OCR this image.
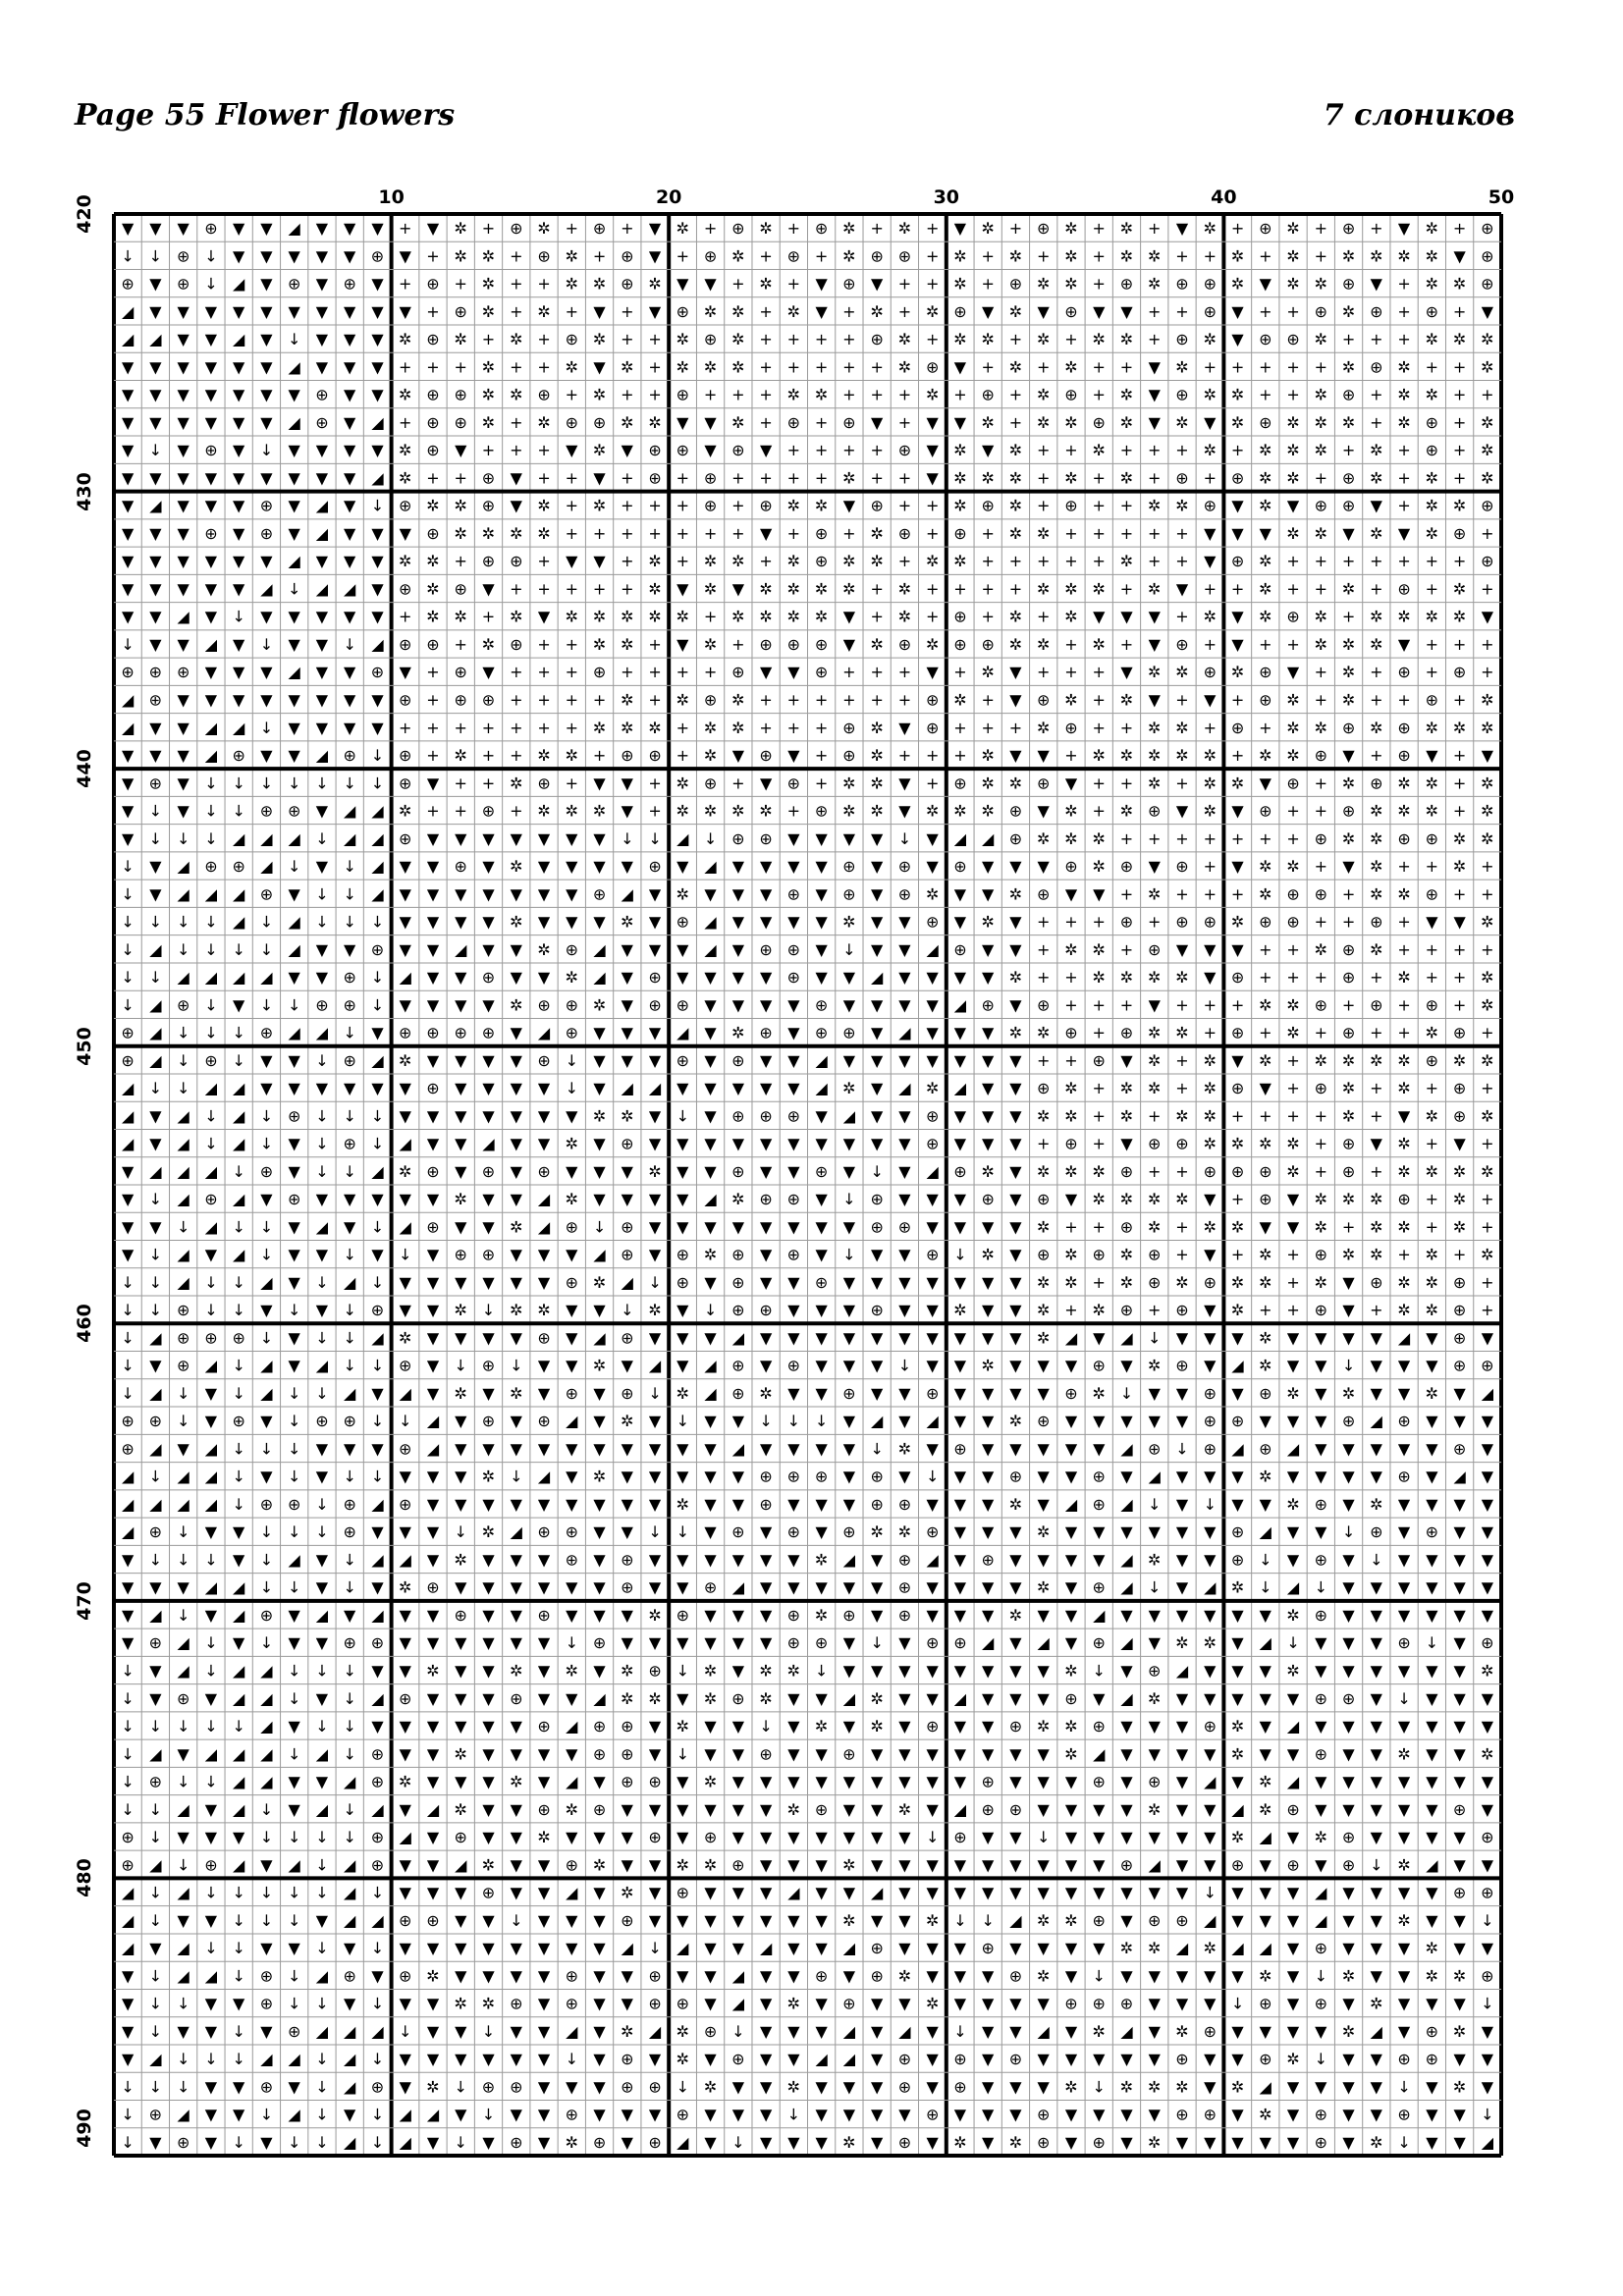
Page 55 Flower flowers	7 слоников
10	20	30	40	50
420
430
440
450
460
470
480
490
▼ ▼ ▼ ⊕ ▼ ▼ ◢ ▼ ▼ ▼ + ▼ ✲ + ⊕ ✲ + ⊕ + ▼ ✲ + ⊕ ✲ + ⊕ ✲ + ✲ + ▼ ✲ + ⊕ ✲ + ✲ + ▼ ✲ + ⊕ ✲ + ⊕ + ▼ ✲ + ⊕
↓ ↓ ⊕ ↓ ▼ ▼ ▼ ▼ ▼ ⊕ ▼ + ✲ ✲ + ⊕ ✲ + ⊕ ▼ + ⊕ ✲ + ⊕ + ✲ ⊕ ⊕ + ✲ + ✲ + ✲ + ✲ ✲ + + ✲ + ✲ + ✲ ✲ ✲ ✲ ▼ ⊕
⊕ ▼ ⊕ ↓ ◢ ▼ ⊕ ▼ ⊕ ▼ + ⊕ + ✲ + + ✲ ✲ ⊕ ✲ ▼ ▼ + ✲ + ▼ ⊕ ▼ + + ✲ + ⊕ ✲ ✲ + ⊕ ✲ ⊕ ⊕ ✲ ▼ ✲ ✲ ⊕ ▼ + ✲ ✲ ⊕
◢ ▼ ▼ ▼ ▼ ▼ ▼ ▼ ▼ ▼ ▼ + ⊕ ✲ + ✲ + ▼ + ▼ ⊕ ✲ ✲ + ✲ ▼ + ✲ + ✲ ⊕ ▼ ✲ ▼ ⊕ ▼ ▼ + + ⊕ ▼ + + ⊕ ✲ ⊕ + ⊕ + ▼
◢ ◢ ▼ ▼ ◢ ▼ ↓ ▼ ▼ ▼ ✲ ⊕ ✲ + ✲ + ⊕ ✲ + + ✲ ⊕ ✲ + + + + ⊕ ✲ + ✲ ✲ + ✲ + ✲ ✲ + ⊕ ✲ ▼ ⊕ ⊕ ✲ + + + ✲ ✲ ✲
▼ ▼ ▼ ▼ ▼ ▼ ◢ ▼ ▼ ▼ + + + ✲ + + ✲ ▼ ✲ + ✲ ✲ ✲ + + + + + ✲ ⊕ ▼ + ✲ + ✲ + + ▼ ✲ + + + + + ✲ ⊕ ✲ + + ✲
▼ ▼ ▼ ▼ ▼ ▼ ▼ ⊕ ▼ ▼ ✲ ⊕ ⊕ ✲ ✲ ⊕ + ✲ + + ⊕ + + + ✲ ✲ + + + ✲ + ⊕ + ✲ ⊕ + ✲ ▼ ⊕ ✲ ✲ + + ✲ ⊕ + ✲ ✲ + +
▼ ▼ ▼ ▼ ▼ ▼ ◢ ⊕ ▼ ◢ + ⊕ ⊕ ✲ + ✲ ⊕ ⊕ ✲ ✲ ▼ ▼ ✲ + ⊕ + ⊕ ▼ + ▼ ▼ ✲ + ✲ ✲ ⊕ ✲ ▼ ✲ ▼ ✲ ⊕ ✲ ✲ ✲ + ✲ ⊕ + ✲
▼ ↓ ▼ ⊕ ▼ ↓ ▼ ▼ ▼ ▼ ✲ ⊕ ▼ + + + ▼ ✲ ▼ ⊕ ⊕ ▼ ⊕ ▼ + + + + ⊕ ▼ ✲ ▼ ✲ + + ✲ + + + ✲ + ✲ ✲ ✲ + ✲ + ⊕ + ✲
▼ ▼ ▼ ▼ ▼ ▼ ▼ ▼ ▼ ◢ ✲ + + ⊕ ▼ + + ▼ + ⊕ + ⊕ + + + + ✲ + + ▼ ✲ ✲ ✲ + ✲ + ✲ + ⊕ + ⊕ ✲ ✲ + ⊕ ✲ + ✲ + ✲
▼ ◢ ▼ ▼ ▼ ⊕ ▼ ◢ ▼ ↓ ⊕ ✲ ✲ ⊕ ▼ ✲ + ✲ + + + ⊕ + ⊕ ✲ ✲ ▼ ⊕ + + ✲ ⊕ ✲ + ⊕ + + ✲ ✲ ⊕ ▼ ✲ ▼ ⊕ ⊕ ▼ + ✲ ✲ ⊕
▼ ▼ ▼ ⊕ ▼ ⊕ ▼ ◢ ▼ ▼ ▼ ⊕ ✲ ✲ ✲ ✲ + + + + + + + ▼ + ⊕ + ✲ ⊕ + ⊕ + ✲ ✲ + + + + + ▼ ▼ ▼ ✲ ✲ ▼ ✲ ▼ ✲ ⊕ +
▼ ▼ ▼ ▼ ▼ ▼ ◢ ▼ ▼ ▼ ✲ ✲ + ⊕ ⊕ + ▼ ▼ + ✲ + ✲ ✲ + ✲ ⊕ ✲ ✲ + ✲ ✲ + + + + + ✲ + + ▼ ⊕ ✲ + + + + + + + ⊕
▼ ▼ ▼ ▼ ▼ ◢ ↓ ◢ ◢ ▼ ⊕ ✲ ⊕ ▼ + + + + + ✲ ▼ ✲ ▼ ✲ ✲ ✲ ✲ + ✲ + + + + ✲ ✲ ✲ + ✲ ▼ + + ✲ + + ✲ + ⊕ + ✲ +
▼ ▼ ◢ ▼ ↓ ▼ ▼ ▼ ▼ ▼ + ✲ ✲ + ✲ ▼ ✲ ✲ ✲ ✲ ✲ + ✲ ✲ ✲ ✲ ▼ + ✲ + ⊕ + ✲ + ✲ ▼ ▼ ▼ + ✲ ▼ ✲ ⊕ ✲ + ✲ ✲ ✲ ✲ ▼
↓ ▼ ▼ ◢ ▼ ↓ ▼ ▼ ↓ ◢ ⊕ ⊕ + ✲ ⊕ + + ✲ ✲ + ▼ ✲ + ⊕ ⊕ ⊕ ▼ ✲ ⊕ ✲ ⊕ ⊕ ✲ ✲ + ✲ + ▼ ⊕ + ▼ + + ✲ ✲ ✲ ▼ + + +
⊕ ⊕ ⊕ ▼ ▼ ▼ ◢ ▼ ▼ ⊕ ▼ + ⊕ ▼ + + + ⊕ + + + + ⊕ ▼ ▼ ⊕ + + + ▼ + ✲ ▼ + + + ▼ ✲ ✲ ⊕ ✲ ⊕ ▼ + ✲ + ⊕ + ⊕ +
◢ ⊕ ▼ ▼ ▼ ▼ ▼ ▼ ▼ ▼ ⊕ + ⊕ ⊕ + + + + ✲ + ✲ ⊕ ✲ + + + + + + ⊕ ✲ + ▼ ⊕ ✲ + ✲ ▼ + ▼ + ⊕ ✲ + ✲ + + ⊕ + ✲
◢ ▼ ▼ ◢ ◢ ↓ ▼ ▼ ▼ ▼ + + + + + + + ✲ ✲ ✲ + ✲ ✲ + + + ⊕ ✲ ▼ ⊕ + + + ✲ ⊕ + + ✲ ✲ + ⊕ + ✲ ✲ ⊕ ✲ ⊕ ✲ ✲ ✲
▼ ▼ ▼ ◢ ⊕ ▼ ▼ ◢ ⊕ ↓ ⊕ + ✲ + + ✲ ✲ + ⊕ ⊕ + ✲ ▼ ⊕ ▼ + ⊕ ✲ + + + ✲ ▼ ▼ + ✲ ✲ ✲ ✲ ✲ + ✲ ✲ ⊕ ▼ + ⊕ ▼ + ▼
▼ ⊕ ▼ ↓ ↓ ↓ ↓ ↓ ↓ ↓ ⊕ ▼ + + ✲ ⊕ + ▼ ▼ + ✲ ⊕ + ▼ ⊕ + ✲ ✲ ▼ + ⊕ ✲ ✲ ⊕ ▼ + + ✲ + ✲ ✲ ▼ ⊕ + ✲ ⊕ ✲ ✲ + ✲
▼ ↓ ▼ ↓ ↓ ⊕ ⊕ ▼ ◢ ◢ ✲ + + ⊕ + ✲ ✲ ✲ ▼ + ✲ ✲ ✲ ✲ + ⊕ ✲ ✲ ▼ ✲ ✲ ✲ ⊕ ▼ ✲ + ✲ ⊕ ▼ ✲ ▼ ⊕ + + ⊕ ✲ ✲ ✲ + ✲
▼ ↓ ↓ ↓ ◢ ◢ ◢ ↓ ◢ ◢ ⊕ ▼ ▼ ▼ ▼ ▼ ▼ ▼ ↓ ↓ ◢ ↓ ⊕ ⊕ ▼ ▼ ▼ ▼ ↓ ▼ ◢ ◢ ⊕ ✲ ✲ ✲ + + + + + + + ⊕ ✲ ✲ ⊕ ⊕ ✲ ✲
↓ ▼ ◢ ⊕ ⊕ ◢ ↓ ▼ ↓ ◢ ▼ ▼ ⊕ ▼ ✲ ▼ ▼ ▼ ▼ ⊕ ▼ ◢ ▼ ▼ ▼ ▼ ⊕ ▼ ⊕ ▼ ⊕ ▼ ▼ ▼ ⊕ ✲ ⊕ ▼ ⊕ + ▼ ✲ ✲ + ▼ ✲ + + ✲ +
↓ ▼ ◢ ◢ ◢ ⊕ ▼ ↓ ↓ ◢ ▼ ▼ ▼ ▼ ▼ ▼ ▼ ⊕ ◢ ▼ ✲ ▼ ▼ ▼ ⊕ ▼ ⊕ ▼ ⊕ ✲ ▼ ▼ ✲ ⊕ ▼ ▼ + ✲ + + + ✲ ⊕ ⊕ + ✲ ✲ ⊕ + +
↓ ↓ ↓ ↓ ◢ ↓ ◢ ↓ ↓ ↓ ▼ ▼ ▼ ▼ ✲ ▼ ▼ ▼ ✲ ▼ ⊕ ◢ ▼ ▼ ▼ ▼ ✲ ▼ ▼ ⊕ ▼ ✲ ▼ + + + ⊕ + ⊕ ⊕ ✲ ⊕ ⊕ + + ⊕ + ▼ ▼ ✲
↓ ◢ ↓ ↓ ↓ ↓ ◢ ▼ ▼ ⊕ ▼ ▼ ◢ ▼ ▼ ✲ ⊕ ◢ ▼ ▼ ▼ ◢ ▼ ⊕ ⊕ ▼ ↓ ▼ ▼ ◢ ⊕ ▼ ▼ + ✲ ✲ + ⊕ ▼ ▼ ▼ + + ✲ ⊕ ✲ + + + +
↓ ↓ ◢ ◢ ◢ ◢ ▼ ▼ ⊕ ↓ ◢ ▼ ▼ ⊕ ▼ ▼ ✲ ◢ ▼ ⊕ ▼ ▼ ▼ ▼ ⊕ ▼ ▼ ◢ ▼ ▼ ▼ ▼ ✲ + + ✲ ✲ ✲ ✲ ▼ ⊕ + + + ⊕ + ✲ + + ✲
↓ ◢ ⊕ ↓ ▼ ↓ ↓ ⊕ ⊕ ↓ ▼ ▼ ▼ ▼ ✲ ⊕ ⊕ ✲ ▼ ⊕ ⊕ ▼ ▼ ▼ ▼ ⊕ ▼ ▼ ▼ ▼ ◢ ⊕ ▼ ⊕ + + + ▼ + + + ✲ ✲ ⊕ + ⊕ + ⊕ + ✲
⊕ ◢ ↓ ↓ ↓ ⊕ ◢ ◢ ↓ ▼ ⊕ ⊕ ⊕ ⊕ ▼ ◢ ⊕ ▼ ▼ ▼ ◢ ▼ ✲ ⊕ ▼ ⊕ ⊕ ▼ ◢ ▼ ▼ ▼ ✲ ✲ ⊕ + ⊕ ✲ ✲ + ⊕ + ✲ + ⊕ + + ✲ ⊕ +
⊕ ◢ ↓ ⊕ ↓ ▼ ▼ ↓ ⊕ ◢ ✲ ▼ ▼ ▼ ▼ ⊕ ↓ ▼ ▼ ▼ ⊕ ▼ ⊕ ▼ ▼ ◢ ▼ ▼ ▼ ▼ ▼ ▼ ▼ + + ⊕ ▼ ✲ + ✲ ▼ ✲ + ✲ ✲ ✲ ✲ ⊕ ✲ ✲
◢ ↓ ↓ ◢ ◢ ▼ ▼ ▼ ▼ ▼ ▼ ⊕ ▼ ▼ ▼ ▼ ↓ ▼ ◢ ◢ ▼ ▼ ▼ ▼ ▼ ◢ ✲ ▼ ◢ ✲ ◢ ▼ ▼ ⊕ ✲ + ✲ ✲ + ✲ ⊕ ▼ + ⊕ ✲ + ✲ + ⊕ +
◢ ▼ ◢ ↓ ◢ ↓ ⊕ ↓ ↓ ↓ ▼ ▼ ▼ ▼ ▼ ▼ ▼ ✲ ✲ ▼ ↓ ▼ ⊕ ⊕ ⊕ ▼ ◢ ▼ ▼ ⊕ ▼ ▼ ▼ ✲ ✲ + ✲ + ✲ ✲ + + + + ✲ + ▼ ✲ ⊕ ✲
◢ ▼ ◢ ↓ ◢ ↓ ▼ ↓ ⊕ ↓ ◢ ▼ ▼ ◢ ▼ ▼ ✲ ▼ ⊕ ▼ ▼ ▼ ▼ ▼ ▼ ▼ ▼ ▼ ▼ ⊕ ▼ ▼ ▼ + ⊕ + ▼ ⊕ ⊕ ✲ ✲ ✲ ✲ + ⊕ ▼ ✲ + ▼ +
▼ ◢ ◢ ◢ ↓ ⊕ ▼ ↓ ↓ ◢ ✲ ⊕ ▼ ⊕ ▼ ⊕ ▼ ▼ ▼ ✲ ▼ ▼ ⊕ ▼ ▼ ⊕ ▼ ↓ ▼ ◢ ⊕ ✲ ▼ ✲ ✲ ✲ ⊕ + + ⊕ ⊕ ⊕ ✲ + ⊕ + ✲ ✲ ✲ ✲
▼ ↓ ◢ ⊕ ◢ ▼ ⊕ ▼ ▼ ▼ ▼ ▼ ✲ ▼ ▼ ◢ ✲ ▼ ▼ ▼ ▼ ◢ ✲ ⊕ ⊕ ▼ ↓ ⊕ ▼ ▼ ▼ ⊕ ▼ ⊕ ▼ ✲ ✲ ✲ ✲ ▼ + ⊕ ▼ ✲ ✲ ✲ ⊕ + ✲ +
▼ ▼ ↓ ◢ ↓ ↓ ▼ ◢ ▼ ↓ ◢ ⊕ ▼ ▼ ✲ ◢ ⊕ ↓ ⊕ ▼ ▼ ▼ ▼ ▼ ▼ ▼ ▼ ⊕ ⊕ ▼ ▼ ▼ ▼ ✲ + + ⊕ ✲ + ✲ ✲ ▼ ▼ ✲ + ✲ ✲ + ✲ +
▼ ↓ ◢ ▼ ◢ ↓ ▼ ▼ ↓ ▼ ↓ ▼ ⊕ ⊕ ▼ ▼ ▼ ◢ ⊕ ▼ ⊕ ✲ ⊕ ▼ ⊕ ▼ ↓ ▼ ▼ ⊕ ↓ ✲ ▼ ⊕ ✲ ⊕ ✲ ⊕ + ▼ + ✲ + ⊕ ✲ ✲ + ✲ + ✲
↓ ↓ ◢ ↓ ↓ ◢ ▼ ↓ ◢ ↓ ▼ ▼ ▼ ▼ ▼ ▼ ⊕ ✲ ◢ ↓ ⊕ ▼ ⊕ ▼ ▼ ⊕ ▼ ▼ ▼ ▼ ▼ ▼ ▼ ✲ ✲ + ✲ ⊕ ✲ ⊕ ✲ ✲ + ✲ ▼ ⊕ ✲ ✲ ⊕ +
↓ ↓ ⊕ ↓ ↓ ▼ ↓ ▼ ↓ ⊕ ▼ ▼ ✲ ↓ ✲ ✲ ▼ ▼ ↓ ✲ ▼ ↓ ⊕ ⊕ ▼ ▼ ▼ ⊕ ▼ ▼ ✲ ▼ ▼ ✲ + ✲ ⊕ + ⊕ ▼ ✲ + + ⊕ ▼ + ✲ ✲ ⊕ +
↓ ◢ ⊕ ⊕ ⊕ ↓ ▼ ↓ ↓ ◢ ✲ ▼ ▼ ▼ ▼ ⊕ ▼ ◢ ⊕ ▼ ▼ ▼ ◢ ▼ ▼ ▼ ▼ ▼ ▼ ▼ ▼ ▼ ▼ ✲ ◢ ▼ ◢ ↓ ▼ ▼ ▼ ✲ ▼ ▼ ▼ ▼ ◢ ▼ ⊕ ▼
↓ ▼ ⊕ ◢ ↓ ◢ ▼ ◢ ↓ ↓ ⊕ ▼ ↓ ⊕ ↓ ▼ ▼ ✲ ▼ ◢ ▼ ◢ ⊕ ▼ ⊕ ▼ ▼ ▼ ↓ ▼ ▼ ✲ ▼ ▼ ▼ ⊕ ▼ ✲ ⊕ ▼ ◢ ✲ ▼ ▼ ↓ ▼ ▼ ▼ ⊕ ⊕
↓ ◢ ↓ ▼ ↓ ◢ ↓ ↓ ◢ ▼ ◢ ▼ ✲ ▼ ✲ ▼ ⊕ ▼ ⊕ ↓ ✲ ◢ ⊕ ✲ ▼ ▼ ⊕ ▼ ▼ ⊕ ▼ ▼ ▼ ▼ ⊕ ✲ ↓ ▼ ▼ ⊕ ▼ ⊕ ✲ ▼ ✲ ▼ ▼ ✲ ▼ ◢
⊕ ⊕ ↓ ▼ ⊕ ▼ ↓ ⊕ ⊕ ↓ ↓ ◢ ▼ ⊕ ▼ ⊕ ◢ ▼ ✲ ▼ ↓ ▼ ▼ ↓ ↓ ↓ ▼ ◢ ▼ ◢ ▼ ▼ ✲ ⊕ ▼ ▼ ▼ ▼ ▼ ⊕ ⊕ ▼ ▼ ▼ ⊕ ◢ ⊕ ▼ ▼ ▼
⊕ ◢ ▼ ◢ ↓ ↓ ↓ ▼ ▼ ▼ ⊕ ◢ ▼ ▼ ▼ ▼ ▼ ▼ ▼ ▼ ▼ ▼ ◢ ▼ ▼ ▼ ▼ ↓ ✲ ▼ ⊕ ▼ ▼ ▼ ▼ ▼ ◢ ⊕ ↓ ⊕ ◢ ⊕ ◢ ▼ ▼ ▼ ▼ ▼ ⊕ ▼
◢ ↓ ◢ ◢ ↓ ▼ ↓ ▼ ↓ ↓ ▼ ▼ ▼ ✲ ↓ ◢ ▼ ✲ ▼ ▼ ▼ ▼ ▼ ⊕ ⊕ ⊕ ▼ ⊕ ▼ ↓ ▼ ▼ ⊕ ▼ ▼ ⊕ ▼ ◢ ▼ ▼ ▼ ✲ ▼ ▼ ▼ ▼ ⊕ ▼ ◢ ▼
◢ ◢ ◢ ◢ ↓ ⊕ ⊕ ↓ ⊕ ◢ ⊕ ▼ ▼ ▼ ▼ ▼ ▼ ▼ ▼ ▼ ✲ ▼ ▼ ⊕ ▼ ▼ ▼ ⊕ ⊕ ▼ ▼ ▼ ✲ ▼ ◢ ⊕ ◢ ↓ ▼ ↓ ▼ ▼ ✲ ⊕ ▼ ✲ ▼ ▼ ▼ ▼
◢ ⊕ ↓ ▼ ▼ ↓ ↓ ↓ ⊕ ▼ ▼ ▼ ↓ ✲ ◢ ⊕ ⊕ ▼ ▼ ↓ ↓ ▼ ⊕ ▼ ⊕ ▼ ⊕ ✲ ✲ ⊕ ▼ ▼ ▼ ✲ ▼ ▼ ▼ ▼ ▼ ▼ ⊕ ◢ ▼ ▼ ↓ ⊕ ▼ ⊕ ▼ ▼
▼ ↓ ↓ ↓ ▼ ↓ ◢ ▼ ↓ ◢ ◢ ▼ ✲ ▼ ▼ ▼ ⊕ ▼ ⊕ ▼ ▼ ▼ ▼ ▼ ▼ ✲ ◢ ▼ ⊕ ◢ ▼ ⊕ ▼ ▼ ▼ ▼ ◢ ✲ ▼ ▼ ⊕ ↓ ▼ ⊕ ▼ ↓ ▼ ▼ ▼ ▼
▼ ▼ ▼ ◢ ◢ ↓ ↓ ▼ ↓ ▼ ✲ ⊕ ▼ ▼ ▼ ▼ ▼ ▼ ⊕ ▼ ▼ ⊕ ◢ ▼ ▼ ▼ ▼ ▼ ⊕ ▼ ▼ ▼ ▼ ✲ ▼ ⊕ ◢ ↓ ▼ ◢ ✲ ↓ ◢ ↓ ▼ ▼ ▼ ▼ ▼ ▼
▼ ◢ ↓ ▼ ◢ ⊕ ▼ ◢ ▼ ◢ ▼ ▼ ⊕ ▼ ▼ ⊕ ▼ ▼ ▼ ✲ ⊕ ▼ ▼ ▼ ⊕ ✲ ⊕ ▼ ⊕ ▼ ▼ ▼ ✲ ▼ ▼ ◢ ▼ ▼ ▼ ▼ ▼ ▼ ✲ ⊕ ▼ ▼ ▼ ▼ ▼ ▼
▼ ⊕ ◢ ↓ ▼ ↓ ▼ ▼ ⊕ ⊕ ▼ ▼ ▼ ▼ ▼ ▼ ↓ ⊕ ▼ ▼ ▼ ▼ ▼ ▼ ⊕ ⊕ ▼ ↓ ▼ ⊕ ⊕ ◢ ▼ ◢ ▼ ⊕ ◢ ▼ ✲ ✲ ▼ ◢ ↓ ▼ ▼ ▼ ⊕ ↓ ▼ ⊕
↓ ▼ ◢ ↓ ◢ ◢ ↓ ↓ ↓ ▼ ▼ ✲ ▼ ▼ ✲ ▼ ✲ ▼ ✲ ⊕ ↓ ✲ ▼ ✲ ✲ ↓ ▼ ▼ ▼ ▼ ▼ ▼ ▼ ▼ ✲ ↓ ▼ ⊕ ◢ ▼ ▼ ▼ ✲ ▼ ▼ ▼ ▼ ▼ ▼ ✲
↓ ▼ ⊕ ▼ ◢ ◢ ↓ ▼ ↓ ◢ ⊕ ▼ ▼ ▼ ⊕ ▼ ▼ ◢ ✲ ✲ ▼ ✲ ⊕ ✲ ▼ ▼ ◢ ✲ ▼ ▼ ◢ ▼ ▼ ▼ ⊕ ▼ ◢ ✲ ▼ ▼ ▼ ▼ ▼ ⊕ ⊕ ▼ ↓ ▼ ▼ ▼
↓ ↓ ↓ ↓ ↓ ◢ ▼ ↓ ↓ ▼ ▼ ▼ ▼ ▼ ▼ ⊕ ◢ ⊕ ⊕ ▼ ✲ ▼ ▼ ↓ ▼ ✲ ▼ ✲ ▼ ⊕ ▼ ▼ ⊕ ✲ ✲ ⊕ ▼ ▼ ▼ ⊕ ✲ ▼ ◢ ▼ ▼ ▼ ▼ ▼ ▼ ▼
↓ ◢ ▼ ◢ ◢ ◢ ↓ ◢ ↓ ⊕ ▼ ▼ ✲ ▼ ▼ ▼ ▼ ⊕ ⊕ ▼ ↓ ▼ ▼ ⊕ ▼ ▼ ⊕ ▼ ▼ ▼ ▼ ▼ ▼ ▼ ✲ ◢ ▼ ▼ ▼ ▼ ✲ ▼ ▼ ⊕ ▼ ▼ ✲ ▼ ▼ ✲
↓ ⊕ ↓ ↓ ◢ ◢ ▼ ▼ ◢ ⊕ ✲ ▼ ▼ ▼ ✲ ▼ ◢ ▼ ⊕ ⊕ ▼ ✲ ▼ ▼ ▼ ▼ ▼ ▼ ▼ ▼ ▼ ⊕ ▼ ▼ ▼ ⊕ ▼ ⊕ ▼ ◢ ▼ ✲ ◢ ▼ ▼ ▼ ▼ ▼ ▼ ▼
↓ ↓ ◢ ▼ ◢ ↓ ▼ ◢ ↓ ◢ ▼ ◢ ✲ ▼ ▼ ⊕ ✲ ⊕ ▼ ▼ ▼ ▼ ▼ ▼ ✲ ⊕ ▼ ▼ ✲ ▼ ◢ ⊕ ⊕ ▼ ▼ ▼ ▼ ✲ ▼ ▼ ◢ ✲ ⊕ ▼ ▼ ▼ ▼ ▼ ⊕ ▼
⊕ ↓ ▼ ▼ ▼ ↓ ↓ ↓ ↓ ⊕ ◢ ▼ ⊕ ▼ ▼ ✲ ▼ ▼ ▼ ⊕ ▼ ⊕ ▼ ▼ ▼ ▼ ▼ ▼ ▼ ↓ ⊕ ▼ ▼ ↓ ▼ ▼ ▼ ▼ ▼ ▼ ✲ ◢ ▼ ✲ ⊕ ▼ ▼ ▼ ▼ ⊕
⊕ ◢ ↓ ⊕ ◢ ▼ ◢ ↓ ◢ ⊕ ▼ ▼ ◢ ✲ ▼ ▼ ⊕ ✲ ▼ ▼ ✲ ✲ ⊕ ▼ ▼ ▼ ✲ ▼ ▼ ▼ ▼ ▼ ▼ ▼ ▼ ▼ ⊕ ◢ ▼ ▼ ⊕ ▼ ⊕ ▼ ⊕ ↓ ✲ ◢ ▼ ▼
◢ ↓ ◢ ↓ ↓ ↓ ↓ ↓ ◢ ↓ ▼ ▼ ▼ ⊕ ▼ ▼ ◢ ▼ ✲ ▼ ⊕ ▼ ▼ ▼ ◢ ▼ ▼ ◢ ▼ ▼ ▼ ▼ ▼ ▼ ▼ ▼ ▼ ▼ ▼ ↓ ▼ ▼ ▼ ◢ ▼ ▼ ▼ ▼ ⊕ ⊕
◢ ↓ ▼ ▼ ↓ ↓ ↓ ▼ ◢ ◢ ⊕ ⊕ ▼ ▼ ↓ ▼ ▼ ▼ ⊕ ▼ ▼ ▼ ▼ ▼ ▼ ▼ ✲ ▼ ▼ ✲ ↓ ↓ ◢ ✲ ✲ ⊕ ▼ ⊕ ⊕ ◢ ▼ ▼ ▼ ◢ ▼ ▼ ✲ ▼ ▼ ↓
◢ ▼ ◢ ↓ ↓ ▼ ▼ ↓ ▼ ↓ ▼ ▼ ▼ ▼ ▼ ▼ ▼ ▼ ◢ ↓ ◢ ▼ ▼ ◢ ▼ ▼ ◢ ⊕ ▼ ▼ ▼ ⊕ ▼ ▼ ▼ ▼ ✲ ✲ ◢ ✲ ◢ ◢ ▼ ⊕ ▼ ▼ ▼ ✲ ▼ ▼
▼ ↓ ◢ ◢ ↓ ⊕ ↓ ◢ ⊕ ▼ ⊕ ✲ ▼ ▼ ▼ ▼ ⊕ ▼ ▼ ⊕ ▼ ▼ ◢ ▼ ▼ ⊕ ▼ ⊕ ✲ ▼ ▼ ▼ ⊕ ✲ ▼ ↓ ▼ ▼ ▼ ▼ ▼ ✲ ▼ ↓ ✲ ▼ ▼ ✲ ✲ ⊕
▼ ↓ ↓ ▼ ▼ ⊕ ↓ ↓ ▼ ↓ ▼ ▼ ✲ ✲ ⊕ ▼ ⊕ ▼ ▼ ⊕ ⊕ ▼ ◢ ▼ ✲ ▼ ⊕ ▼ ▼ ✲ ▼ ▼ ▼ ▼ ⊕ ⊕ ⊕ ▼ ▼ ▼ ↓ ⊕ ▼ ⊕ ▼ ✲ ▼ ▼ ▼ ↓
▼ ↓ ▼ ▼ ↓ ▼ ⊕ ◢ ◢ ◢ ↓ ▼ ▼ ↓ ▼ ▼ ◢ ▼ ✲ ◢ ✲ ⊕ ↓ ▼ ▼ ▼ ◢ ▼ ◢ ▼ ↓ ▼ ▼ ◢ ▼ ✲ ◢ ▼ ✲ ⊕ ▼ ▼ ▼ ▼ ✲ ◢ ▼ ⊕ ✲ ▼
▼ ◢ ↓ ↓ ↓ ◢ ◢ ↓ ◢ ↓ ▼ ▼ ▼ ▼ ▼ ▼ ↓ ▼ ⊕ ▼ ✲ ▼ ⊕ ▼ ▼ ◢ ◢ ▼ ⊕ ▼ ⊕ ▼ ⊕ ▼ ▼ ▼ ▼ ▼ ⊕ ▼ ▼ ⊕ ✲ ↓ ▼ ▼ ⊕ ⊕ ▼ ▼
↓ ↓ ↓ ▼ ▼ ⊕ ▼ ↓ ◢ ⊕ ▼ ✲ ↓ ⊕ ⊕ ▼ ▼ ▼ ⊕ ⊕ ↓ ✲ ▼ ▼ ✲ ▼ ▼ ▼ ⊕ ▼ ⊕ ▼ ▼ ▼ ✲ ↓ ✲ ✲ ✲ ▼ ✲ ◢ ▼ ▼ ▼ ▼ ↓ ▼ ✲ ▼
↓ ⊕ ◢ ▼ ▼ ↓ ◢ ↓ ▼ ↓ ◢ ◢ ▼ ↓ ▼ ▼ ⊕ ▼ ▼ ▼ ⊕ ▼ ▼ ▼ ↓ ▼ ▼ ▼ ▼ ⊕ ▼ ▼ ▼ ⊕ ▼ ▼ ▼ ▼ ⊕ ⊕ ▼ ✲ ▼ ⊕ ▼ ▼ ⊕ ▼ ▼ ↓
↓ ▼ ⊕ ▼ ↓ ▼ ↓ ↓ ◢ ↓ ◢ ▼ ↓ ▼ ⊕ ▼ ✲ ⊕ ▼ ⊕ ◢ ▼ ↓ ▼ ▼ ▼ ✲ ▼ ⊕ ▼ ✲ ▼ ✲ ⊕ ▼ ⊕ ▼ ✲ ▼ ▼ ▼ ▼ ▼ ⊕ ▼ ✲ ↓ ▼ ▼ ◢
